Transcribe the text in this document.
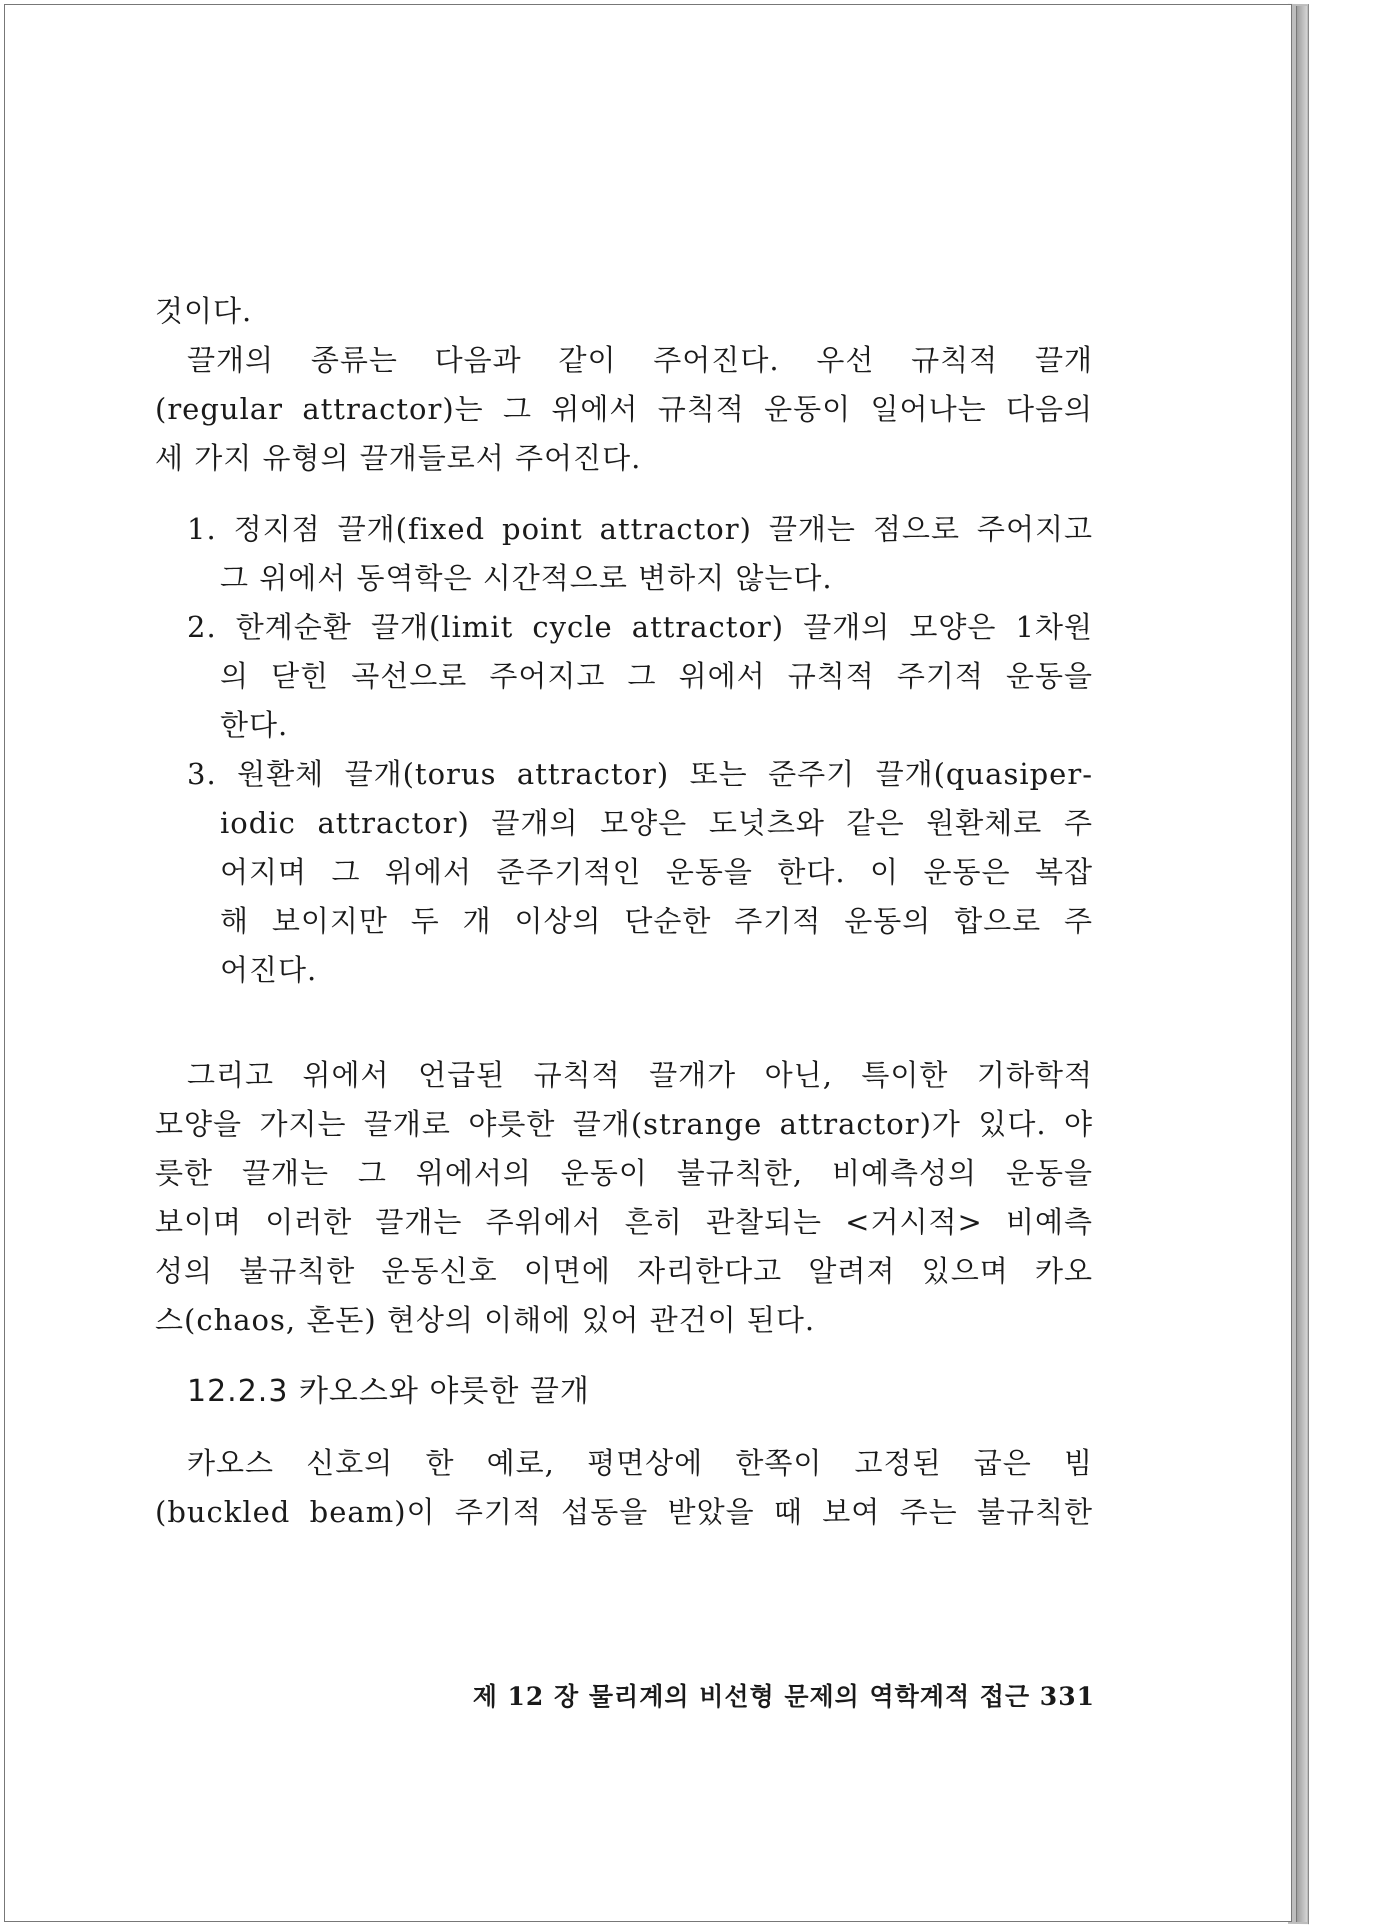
것이다.
끌개의 종류는 다음과 같이 주어진다. 우선 규칙적 끌개
(regular attractor)는 그 위에서 규칙적 운동이 일어나는 다음의
세 가지 유형의 끌개들로서 주어진다.
1. 정지점 끌개(fixed point attractor) 끌개는 점으로 주어지고
그 위에서 동역학은 시간적으로 변하지 않는다.
2. 한계순환 끌개(limit cycle attractor) 끌개의 모양은 1차원
의 닫힌 곡선으로 주어지고 그 위에서 규칙적 주기적 운동을
한다.
3. 원환체 끌개(torus attractor) 또는 준주기 끌개(quasiper-
iodic attractor) 끌개의 모양은 도넛츠와 같은 원환체로 주
어지며 그 위에서 준주기적인 운동을 한다. 이 운동은 복잡
해 보이지만 두 개 이상의 단순한 주기적 운동의 합으로 주
어진다.
그리고 위에서 언급된 규칙적 끌개가 아닌, 특이한 기하학적
모양을 가지는 끌개로 야릇한 끌개(strange attractor)가 있다. 야
릇한 끌개는 그 위에서의 운동이 불규칙한, 비예측성의 운동을
보이며 이러한 끌개는 주위에서 흔히 관찰되는 <거시적> 비예측
성의 불규칙한 운동신호 이면에 자리한다고 알려져 있으며 카오
스(chaos, 혼돈) 현상의 이해에 있어 관건이 된다.
12.2.3 카오스와 야릇한 끌개
카오스 신호의 한 예로, 평면상에 한쪽이 고정된 굽은 빔
(buckled beam)이 주기적 섭동을 받았을 때 보여 주는 불규칙한
제 12 장 물리계의 비선형 문제의 역학계적 접근 331
